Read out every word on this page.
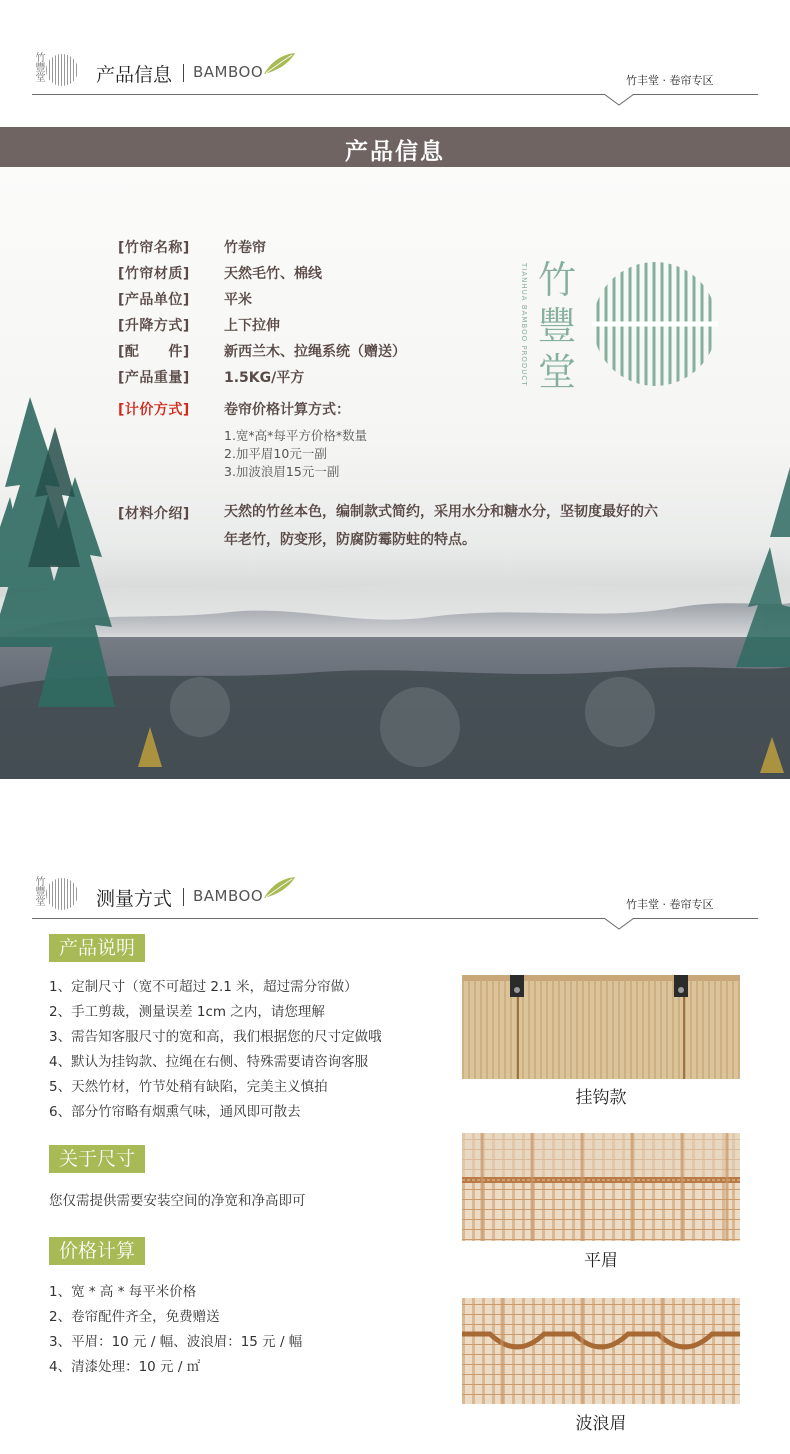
竹豐堂	产品信息 BAMBOO	竹丰堂 · 卷帘专区
产品信息
[竹帘名称] 竹卷帘
[竹帘材质] 天然毛竹、棉线
[产品单位] 平米
[升降方式] 上下拉伸
[配　　件] 新西兰木、拉绳系统（赠送）
[产品重量] 1.5KG/平方
[计价方式] 卷帘价格计算方式：
1.宽*高*每平方价格*数量
2.加平眉10元一副
3.加波浪眉15元一副
[材料介绍] 天然的竹丝本色，编制款式简约，采用水分和糖水分，坚韧度最好的六年老竹，防变形，防腐防霉防蛀的特点。
TIANHUA BAMBOO PRODUCT 竹豐堂
竹豐堂	测量方式 BAMBOO	竹丰堂 · 卷帘专区
产品说明
1、定制尺寸（宽不可超过 2.1 米，超过需分帘做）
2、手工剪裁，测量误差 1cm 之内，请您理解
3、需告知客服尺寸的宽和高，我们根据您的尺寸定做哦
4、默认为挂钩款、拉绳在右侧、特殊需要请咨询客服
5、天然竹材，竹节处稍有缺陷，完美主义慎拍
6、部分竹帘略有烟熏气味，通风即可散去
关于尺寸
您仅需提供需要安装空间的净宽和净高即可
价格计算
1、宽 * 高 * 每平米价格
2、卷帘配件齐全，免费赠送
3、平眉：10 元 / 幅、波浪眉：15 元 / 幅
4、清漆处理：10 元 / ㎡
挂钩款
平眉
波浪眉
